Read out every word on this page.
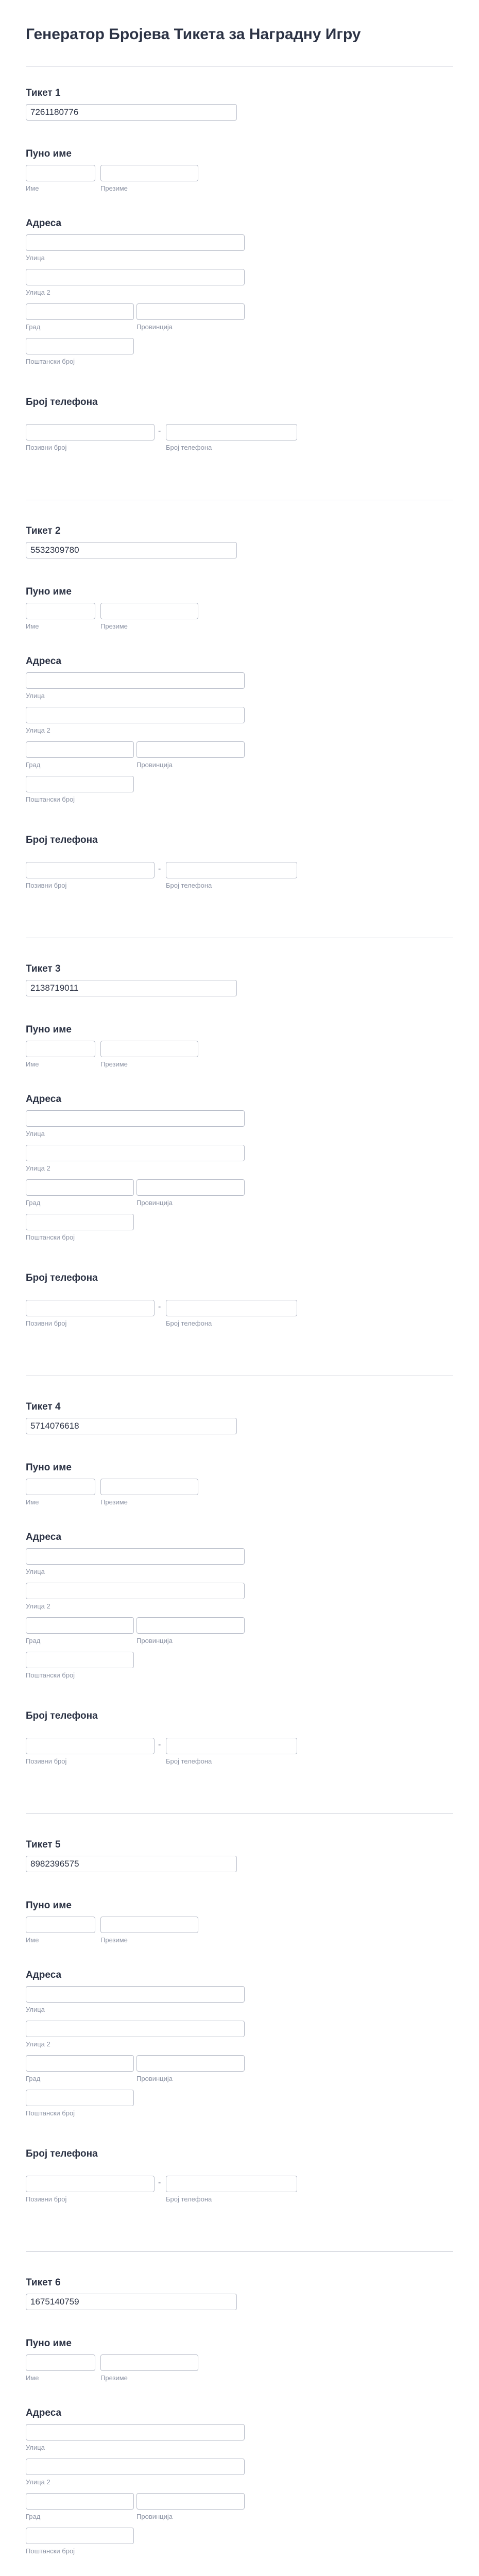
Генератор Бројева Тикета за Наградну Игру
Тикет 1
7261180776
Пуно име
Име	Презиме
Адреса
Улица
Улица 2
Град	Провинција
Поштански број
Број телефона
-
Позивни број	Број телефона
Тикет 2
5532309780
Пуно име
Име	Презиме
Адреса
Улица
Улица 2
Град	Провинција
Поштански број
Број телефона
-
Позивни број	Број телефона
Тикет 3
2138719011
Пуно име
Име	Презиме
Адреса
Улица
Улица 2
Град	Провинција
Поштански број
Број телефона
-
Позивни број	Број телефона
Тикет 4
5714076618
Пуно име
Име	Презиме
Адреса
Улица
Улица 2
Град	Провинција
Поштански број
Број телефона
-
Позивни број	Број телефона
Тикет 5
8982396575
Пуно име
Име	Презиме
Адреса
Улица
Улица 2
Град	Провинција
Поштански број
Број телефона
-
Позивни број	Број телефона
Тикет 6
1675140759
Пуно име
Име	Презиме
Адреса
Улица
Улица 2
Град	Провинција
Поштански број
